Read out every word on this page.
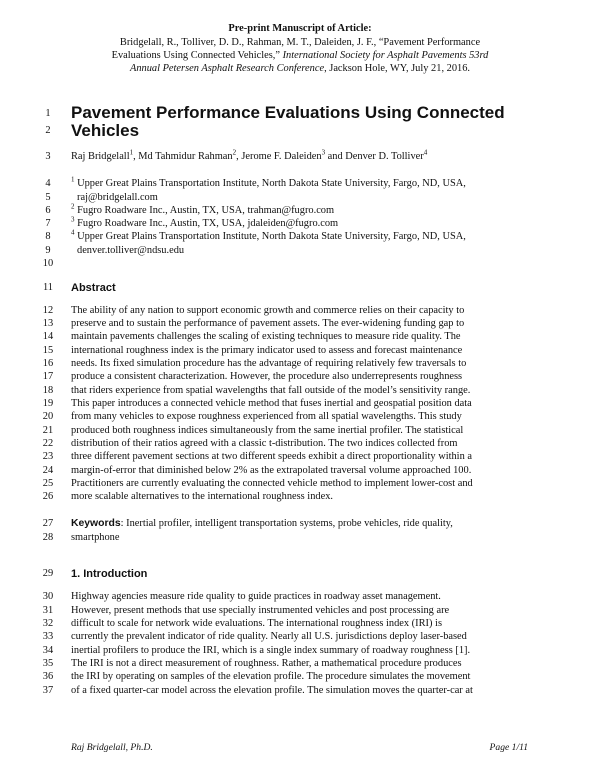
Pre-print Manuscript of Article:
Bridgelall, R., Tolliver, D. D., Rahman, M. T., Daleiden, J. F., “Pavement Performance
Evaluations Using Connected Vehicles,” International Society for Asphalt Pavements 53rd
Annual Petersen Asphalt Research Conference, Jackson Hole, WY, July 21, 2016.
1
2
3
4
5
6
7
8
9
10
11
12
13
14
15
16
17
18
19
20
21
22
23
24
25
26
27
28
29
30
31
32
33
34
35
36
37
Pavement Performance Evaluations Using Connected
Vehicles
Raj Bridgelall$^1$, Md Tahmidur Rahman$^2$, Jerome F. Daleiden$^3$ and Denver D. Tolliver$^4$
$^1$ Upper Great Plains Transportation Institute, North Dakota State University, Fargo, ND, USA,
raj@bridgelall.com
$^2$ Fugro Roadware Inc., Austin, TX, USA, trahman@fugro.com
$^3$ Fugro Roadware Inc., Austin, TX, USA, jdaleiden@fugro.com
$^4$ Upper Great Plains Transportation Institute, North Dakota State University, Fargo, ND, USA,
denver.tolliver@ndsu.edu
Abstract
The ability of any nation to support economic growth and commerce relies on their capacity to
preserve and to sustain the performance of pavement assets. The ever-widening funding gap to
maintain pavements challenges the scaling of existing techniques to measure ride quality. The
international roughness index is the primary indicator used to assess and forecast maintenance
needs. Its fixed simulation procedure has the advantage of requiring relatively few traversals to
produce a consistent characterization. However, the procedure also underrepresents roughness
that riders experience from spatial wavelengths that fall outside of the model’s sensitivity range.
This paper introduces a connected vehicle method that fuses inertial and geospatial position data
from many vehicles to expose roughness experienced from all spatial wavelengths. This study
produced both roughness indices simultaneously from the same inertial profiler. The statistical
distribution of their ratios agreed with a classic t-distribution. The two indices collected from
three different pavement sections at two different speeds exhibit a direct proportionality within a
margin-of-error that diminished below 2% as the extrapolated traversal volume approached 100.
Practitioners are currently evaluating the connected vehicle method to implement lower-cost and
more scalable alternatives to the international roughness index.
Keywords: Inertial profiler, intelligent transportation systems, probe vehicles, ride quality,
smartphone
1. Introduction
Highway agencies measure ride quality to guide practices in roadway asset management.
However, present methods that use specially instrumented vehicles and post processing are
difficult to scale for network wide evaluations. The international roughness index (IRI) is
currently the prevalent indicator of ride quality. Nearly all U.S. jurisdictions deploy laser-based
inertial profilers to produce the IRI, which is a single index summary of roadway roughness [1].
The IRI is not a direct measurement of roughness. Rather, a mathematical procedure produces
the IRI by operating on samples of the elevation profile. The procedure simulates the movement
of a fixed quarter-car model across the elevation profile. The simulation moves the quarter-car at
Raj Bridgelall, Ph.D.	Page 1/11
